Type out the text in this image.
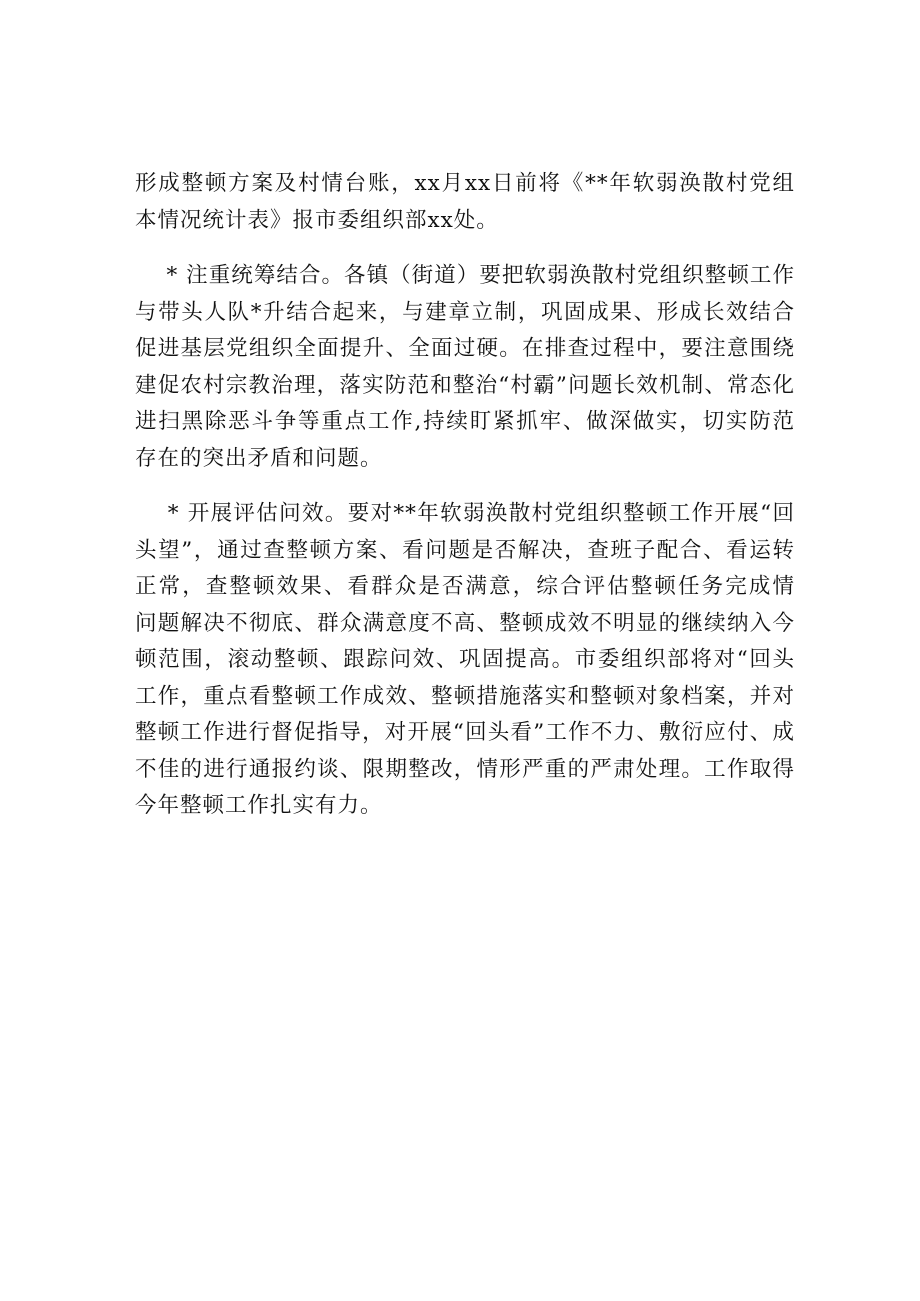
形成整顿方案及村情台账，xx月xx日前将《**年软弱涣散村党组
本情况统计表》报市委组织部xx处。
* 注重统筹结合。各镇（街道）要把软弱涣散村党组织整顿工作
与带头人队*升结合起来，与建章立制，巩固成果、形成长效结合
促进基层党组织全面提升、全面过硬。在排查过程中，要注意围绕
建促农村宗教治理，落实防范和整治“村霸”问题长效机制、常态化
进扫黑除恶斗争等重点工作,持续盯紧抓牢、做深做实，切实防范
存在的突出矛盾和问题。
* 开展评估问效。要对**年软弱涣散村党组织整顿工作开展“回
头望”，通过查整顿方案、看问题是否解决，查班子配合、看运转
正常，查整顿效果、看群众是否满意，综合评估整顿任务完成情
问题解决不彻底、群众满意度不高、整顿成效不明显的继续纳入今
顿范围，滚动整顿、跟踪问效、巩固提高。市委组织部将对“回头
工作，重点看整顿工作成效、整顿措施落实和整顿对象档案，并对
整顿工作进行督促指导，对开展“回头看”工作不力、敷衍应付、成
不佳的进行通报约谈、限期整改，情形严重的严肃处理。工作取得
今年整顿工作扎实有力。
